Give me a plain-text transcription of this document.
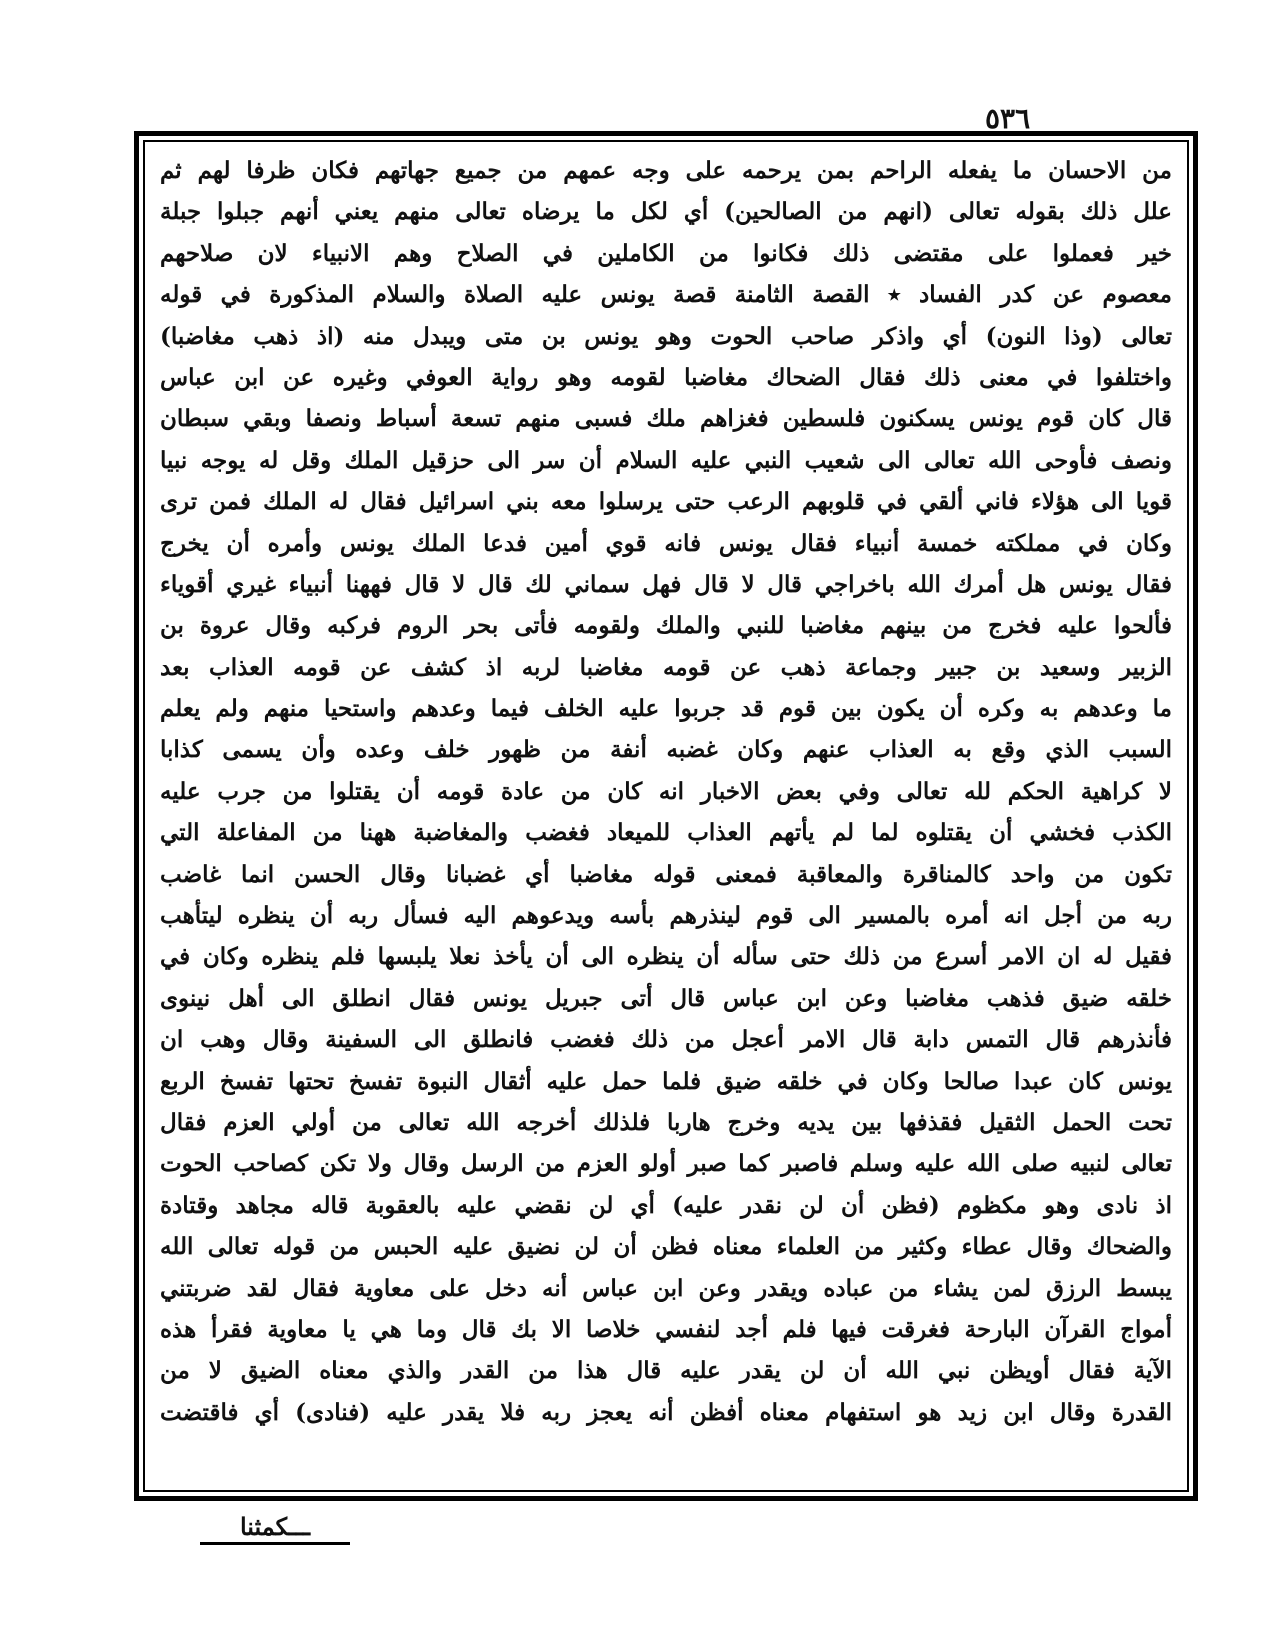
٥٣٦
من الاحسان ما يفعله الراحم بمن يرحمه على وجه عمهم من جميع جهاتهم فكان ظرفا لهم ثم
علل ذلك بقوله تعالى (انهم من الصالحين) أي لكل ما يرضاه تعالى منهم يعني أنهم جبلوا جبلة
خير فعملوا على مقتضى ذلك فكانوا من الكاملين في الصلاح وهم الانبياء لان صلاحهم
معصوم عن كدر الفساد ٭ القصة الثامنة قصة يونس عليه الصلاة والسلام المذكورة في قوله
تعالى (وذا النون) أي واذكر صاحب الحوت وهو يونس بن متى ويبدل منه (اذ ذهب مغاضبا)
واختلفوا في معنى ذلك فقال الضحاك مغاضبا لقومه وهو رواية العوفي وغيره عن ابن عباس
قال كان قوم يونس يسكنون فلسطين فغزاهم ملك فسبى منهم تسعة أسباط ونصفا وبقي سبطان
ونصف فأوحى الله تعالى الى شعيب النبي عليه السلام أن سر الى حزقيل الملك وقل له يوجه نبيا
قويا الى هؤلاء فاني ألقي في قلوبهم الرعب حتى يرسلوا معه بني اسرائيل فقال له الملك فمن ترى
وكان في مملكته خمسة أنبياء فقال يونس فانه قوي أمين فدعا الملك يونس وأمره أن يخرج
فقال يونس هل أمرك الله باخراجي قال لا قال فهل سماني لك قال لا قال فههنا أنبياء غيري أقوياء
فألحوا عليه فخرج من بينهم مغاضبا للنبي والملك ولقومه فأتى بحر الروم فركبه وقال عروة بن
الزبير وسعيد بن جبير وجماعة ذهب عن قومه مغاضبا لربه اذ كشف عن قومه العذاب بعد
ما وعدهم به وكره أن يكون بين قوم قد جربوا عليه الخلف فيما وعدهم واستحيا منهم ولم يعلم
السبب الذي وقع به العذاب عنهم وكان غضبه أنفة من ظهور خلف وعده وأن يسمى كذابا
لا كراهية الحكم لله تعالى وفي بعض الاخبار انه كان من عادة قومه أن يقتلوا من جرب عليه
الكذب فخشي أن يقتلوه لما لم يأتهم العذاب للميعاد فغضب والمغاضبة ههنا من المفاعلة التي
تكون من واحد كالمناقرة والمعاقبة فمعنى قوله مغاضبا أي غضبانا وقال الحسن انما غاضب
ربه من أجل انه أمره بالمسير الى قوم لينذرهم بأسه ويدعوهم اليه فسأل ربه أن ينظره ليتأهب
فقيل له ان الامر أسرع من ذلك حتى سأله أن ينظره الى أن يأخذ نعلا يلبسها فلم ينظره وكان في
خلقه ضيق فذهب مغاضبا وعن ابن عباس قال أتى جبريل يونس فقال انطلق الى أهل نينوى
فأنذرهم قال التمس دابة قال الامر أعجل من ذلك فغضب فانطلق الى السفينة وقال وهب ان
يونس كان عبدا صالحا وكان في خلقه ضيق فلما حمل عليه أثقال النبوة تفسخ تحتها تفسخ الربع
تحت الحمل الثقيل فقذفها بين يديه وخرج هاربا فلذلك أخرجه الله تعالى من أولي العزم فقال
تعالى لنبيه صلى الله عليه وسلم فاصبر كما صبر أولو العزم من الرسل وقال ولا تكن كصاحب الحوت
اذ نادى وهو مكظوم (فظن أن لن نقدر عليه) أي لن نقضي عليه بالعقوبة قاله مجاهد وقتادة
والضحاك وقال عطاء وكثير من العلماء معناه فظن أن لن نضيق عليه الحبس من قوله تعالى الله
يبسط الرزق لمن يشاء من عباده ويقدر وعن ابن عباس أنه دخل على معاوية فقال لقد ضربتني
أمواج القرآن البارحة فغرقت فيها فلم أجد لنفسي خلاصا الا بك قال وما هي يا معاوية فقرأ هذه
الآية فقال أويظن نبي الله أن لن يقدر عليه قال هذا من القدر والذي معناه الضيق لا من
القدرة وقال ابن زيد هو استفهام معناه أفظن أنه يعجز ربه فلا يقدر عليه (فنادى) أي فاقتضت
ـــكمثنا
